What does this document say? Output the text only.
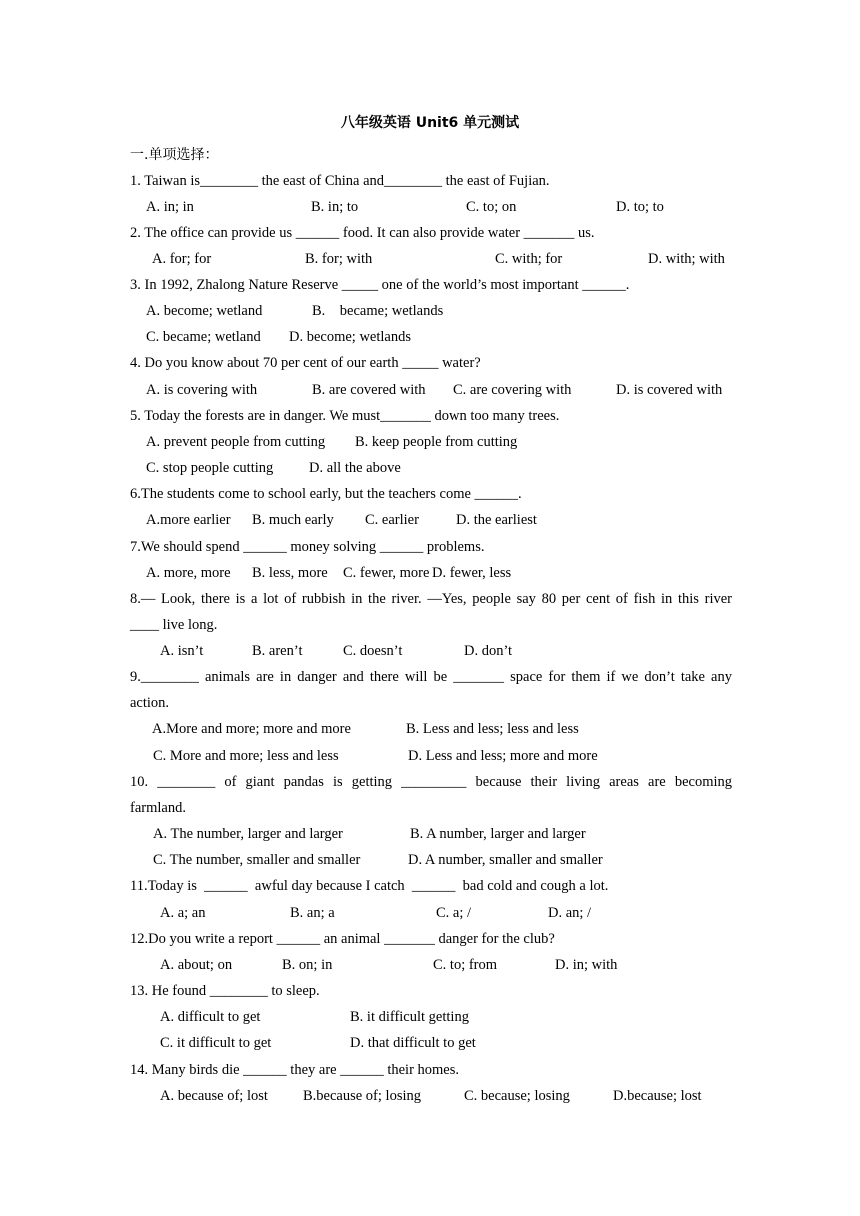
八年级英语 Unit6 单元测试
一.单项选择：
1. Taiwan is________ the east of China and________ the east of Fujian.
A. in; in	B. in; to	C. to; on	D. to; to
2. The office can provide us ______ food. It can also provide water _______ us.
A. for; for	B. for; with	C. with; for	D. with; with
3. In 1992, Zhalong Nature Reserve _____ one of the world’s most important ______.
A. become; wetland	B.    became; wetlands
C. became; wetland D. become; wetlands
4. Do you know about 70 per cent of our earth _____ water?
A. is covering with	B. are covered with C. are covering with	D. is covered with
5. Today the forests are in danger. We must_______ down too many trees.
A. prevent people from cutting B. keep people from cutting
C. stop people cutting D. all the above
6.The students come to school early, but the teachers come ______.
A.more earlier B. much early C. earlier	D. the earliest
7.We should spend ______ money solving ______ problems.
A. more, more B. less, more C. fewer, more D. fewer, less
8.— Look, there is a lot of rubbish in the river. —Yes, people say 80 per cent of fish in this river
____ live long.
A. isn’t	B. aren’t	C. doesn’t	D. don’t
9.________ animals are in danger and there will be _______ space for them if we don’t take any
action.
A.More and more; more and more	B. Less and less; less and less
C. More and more; less and less	D. Less and less; more and more
10. ________ of giant pandas is getting _________ because their living areas are becoming
farmland.
A. The number, larger and larger	B. A number, larger and larger
C. The number, smaller and smaller	D. A number, smaller and smaller
11.Today is  ______  awful day because I catch  ______  bad cold and cough a lot.
A. a; an	B. an; a	C. a; /	D. an; /
12.Do you write a report ______ an animal _______ danger for the club?
A. about; on	B. on; in	C. to; from	D. in; with
13. He found ________ to sleep.
A. difficult to get	B. it difficult getting
C. it difficult to get	D. that difficult to get
14. Many birds die ______ they are ______ their homes.
A. because of; lost B.because of; losing	C. because; losing	D.because; lost
